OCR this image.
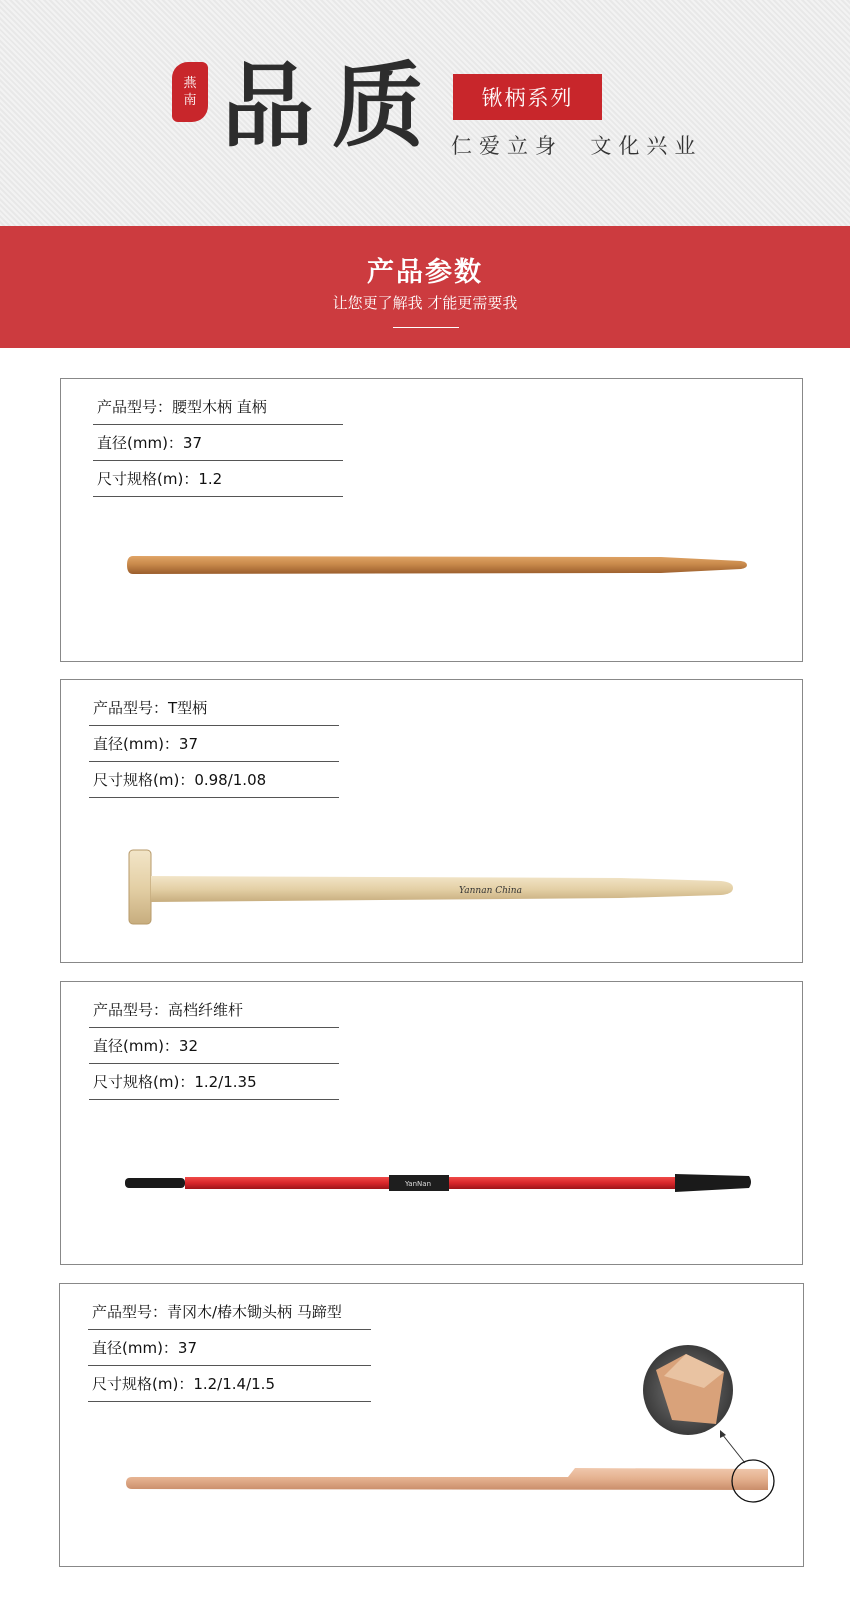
燕
南 品质	锹柄系列
仁爱立身  文化兴业
产品参数
让您更了解我 才能更需要我
产品型号：腰型木柄 直柄
直径(mm)：37
尺寸规格(m)：1.2
产品型号：T型柄
直径(mm)：37
尺寸规格(m)：0.98/1.08
Yannan China
产品型号：高档纤维杆
直径(mm)：32
尺寸规格(m)：1.2/1.35
YanNan
产品型号：青冈木/椿木锄头柄 马蹄型
直径(mm)：37
尺寸规格(m)：1.2/1.4/1.5
